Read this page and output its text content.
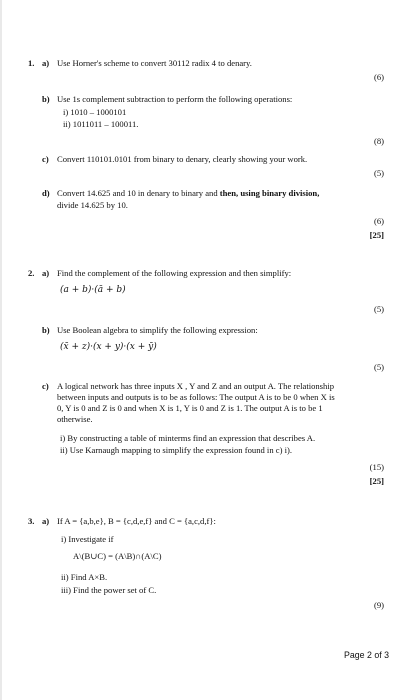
1. a) Use Horner's scheme to convert 30112 radix 4 to denary.
(6)
b) Use 1s complement subtraction to perform the following operations:
i) 1010 – 1000101
ii) 1011011 – 100011.
(8)
c) Convert 110101.0101 from binary to denary, clearly showing your work.
(5)
d) Convert 14.625 and 10 in denary to binary and then, using binary division,
divide 14.625 by 10.
(6)
[25]
2. a) Find the complement of the following expression and then simplify:
(a + b)·(ā + b)
(5)
b) Use Boolean algebra to simplify the following expression:
(x̄ + z)·(x + y)·(x + ȳ)
(5)
c) A logical network has three inputs X , Y and Z and an output A. The relationship
between inputs and outputs is to be as follows: The output A is to be 0 when X is
0, Y is 0 and Z is 0 and when X is 1, Y is 0 and Z is 1. The output A is to be 1
otherwise.
i) By constructing a table of minterms find an expression that describes A.
ii) Use Karnaugh mapping to simplify the expression found in c) i).
(15)
[25]
3. a) If A = {a,b,e}, B = {c,d,e,f} and C = {a,c,d,f}:
i) Investigate if
A\(B∪C) = (A\B)∩(A\C)
ii) Find A×B.
iii) Find the power set of C.
(9)
Page 2 of 3
